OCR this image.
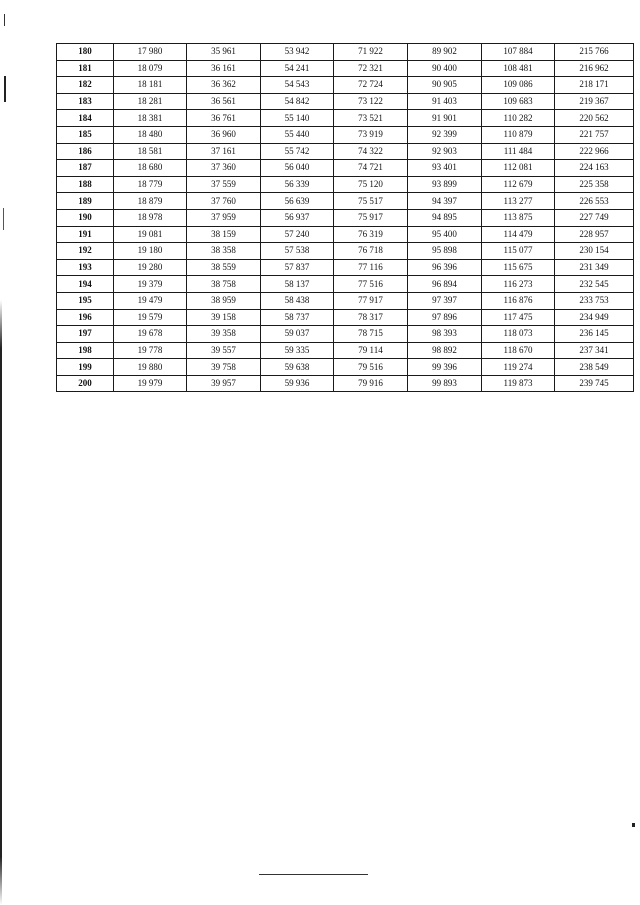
180	17 980	35 961	53 942	71 922	89 902	107 884	215 766
181	18 079	36 161	54 241	72 321	90 400	108 481	216 962
182	18 181	36 362	54 543	72 724	90 905	109 086	218 171
183	18 281	36 561	54 842	73 122	91 403	109 683	219 367
184	18 381	36 761	55 140	73 521	91 901	110 282	220 562
185	18 480	36 960	55 440	73 919	92 399	110 879	221 757
186	18 581	37 161	55 742	74 322	92 903	111 484	222 966
187	18 680	37 360	56 040	74 721	93 401	112 081	224 163
188	18 779	37 559	56 339	75 120	93 899	112 679	225 358
189	18 879	37 760	56 639	75 517	94 397	113 277	226 553
190	18 978	37 959	56 937	75 917	94 895	113 875	227 749
191	19 081	38 159	57 240	76 319	95 400	114 479	228 957
192	19 180	38 358	57 538	76 718	95 898	115 077	230 154
193	19 280	38 559	57 837	77 116	96 396	115 675	231 349
194	19 379	38 758	58 137	77 516	96 894	116 273	232 545
195	19 479	38 959	58 438	77 917	97 397	116 876	233 753
196	19 579	39 158	58 737	78 317	97 896	117 475	234 949
197	19 678	39 358	59 037	78 715	98 393	118 073	236 145
198	19 778	39 557	59 335	79 114	98 892	118 670	237 341
199	19 880	39 758	59 638	79 516	99 396	119 274	238 549
200	19 979	39 957	59 936	79 916	99 893	119 873	239 745
